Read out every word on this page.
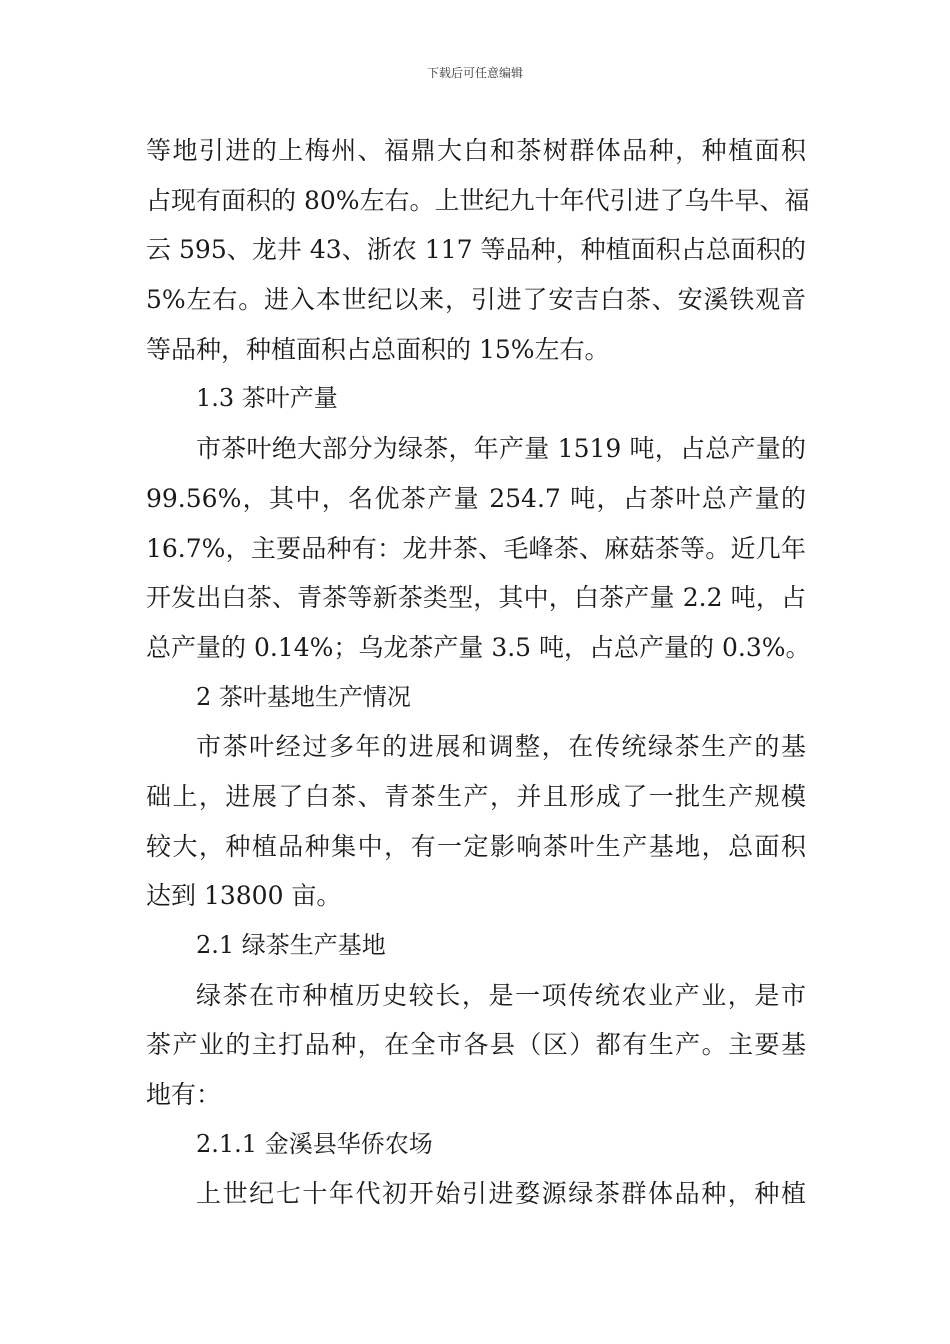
下载后可任意编辑
等地引进的上梅州、福鼎大白和茶树群体品种，种植面积
占现有面积的 80%左右。上世纪九十年代引进了乌牛早、福
云 595、龙井 43、浙农 117 等品种，种植面积占总面积的
5%左右。进入本世纪以来，引进了安吉白茶、安溪铁观音
等品种，种植面积占总面积的 15%左右。
1.3 茶叶产量
市茶叶绝大部分为绿茶，年产量 1519 吨，占总产量的
99.56%，其中，名优茶产量 254.7 吨，占茶叶总产量的
16.7%，主要品种有：龙井茶、毛峰茶、麻菇茶等。近几年
开发出白茶、青茶等新茶类型，其中，白茶产量 2.2 吨，占
总产量的 0.14%；乌龙茶产量 3.5 吨，占总产量的 0.3%。
2 茶叶基地生产情况
市茶叶经过多年的进展和调整，在传统绿茶生产的基
础上，进展了白茶、青茶生产，并且形成了一批生产规模
较大，种植品种集中，有一定影响茶叶生产基地，总面积
达到 13800 亩。
2.1 绿茶生产基地
绿茶在市种植历史较长，是一项传统农业产业，是市
茶产业的主打品种，在全市各县（区）都有生产。主要基
地有：
2.1.1 金溪县华侨农场
上世纪七十年代初开始引进婺源绿茶群体品种，种植
